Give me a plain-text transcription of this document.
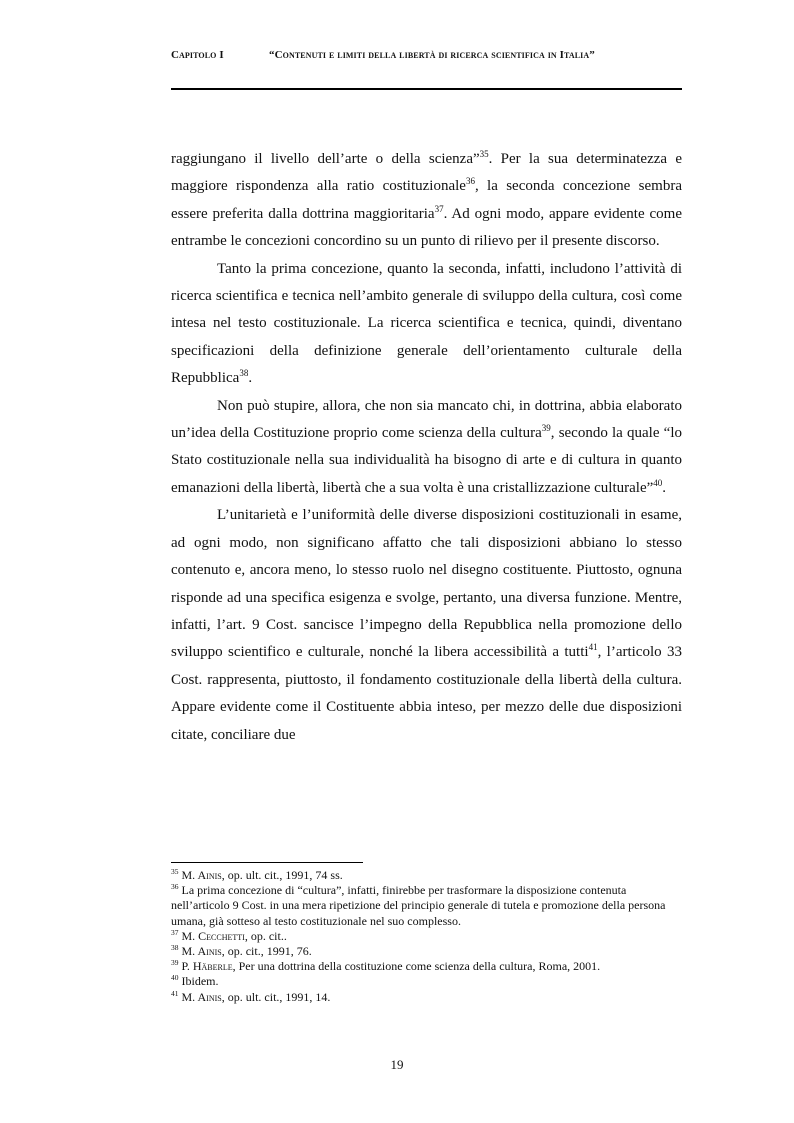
Capitolo I	“Contenuti e limiti della libertà di ricerca scientifica in Italia”

raggiungano il livello dell’arte o della scienza”$^{35}$. Per la sua determinatezza e maggiore rispondenza alla ratio costituzionale$^{36}$, la seconda concezione sembra essere preferita dalla dottrina maggioritaria$^{37}$. Ad ogni modo, appare evidente come entrambe le concezioni concordino su un punto di rilievo per il presente discorso.

Tanto la prima concezione, quanto la seconda, infatti, includono l’attività di ricerca scientifica e tecnica nell’ambito generale di sviluppo della cultura, così come intesa nel testo costituzionale. La ricerca scientifica e tecnica, quindi, diventano specificazioni della definizione generale dell’orientamento culturale della Repubblica$^{38}$.

Non può stupire, allora, che non sia mancato chi, in dottrina, abbia elaborato un’idea della Costituzione proprio come scienza della cultura$^{39}$, secondo la quale “lo Stato costituzionale nella sua individualità ha bisogno di arte e di cultura in quanto emanazioni della libertà, libertà che a sua volta è una cristallizzazione culturale”$^{40}$.

L’unitarietà e l’uniformità delle diverse disposizioni costituzionali in esame, ad ogni modo, non significano affatto che tali disposizioni abbiano lo stesso contenuto e, ancora meno, lo stesso ruolo nel disegno costituente. Piuttosto, ognuna risponde ad una specifica esigenza e svolge, pertanto, una diversa funzione. Mentre, infatti, l’art. 9 Cost. sancisce l’impegno della Repubblica nella promozione dello sviluppo scientifico e culturale, nonché la libera accessibilità a tutti$^{41}$, l’articolo 33 Cost. rappresenta, piuttosto, il fondamento costituzionale della libertà della cultura. Appare evidente come il Costituente abbia inteso, per mezzo delle due disposizioni citate, conciliare due

$^{35}$ M. Ainis, op. ult. cit., 1991, 74 ss.

$^{36}$ La prima concezione di “cultura”, infatti, finirebbe per trasformare la disposizione contenuta nell’articolo 9 Cost. in una mera ripetizione del principio generale di tutela e promozione della persona umana, già sotteso al testo costituzionale nel suo complesso.

$^{37}$ M. Cecchetti, op. cit..

$^{38}$ M. Ainis, op. cit., 1991, 76.

$^{39}$ P. Häberle, Per una dottrina della costituzione come scienza della cultura, Roma, 2001.

$^{40}$ Ibidem.

$^{41}$ M. Ainis, op. ult. cit., 1991, 14.

19
